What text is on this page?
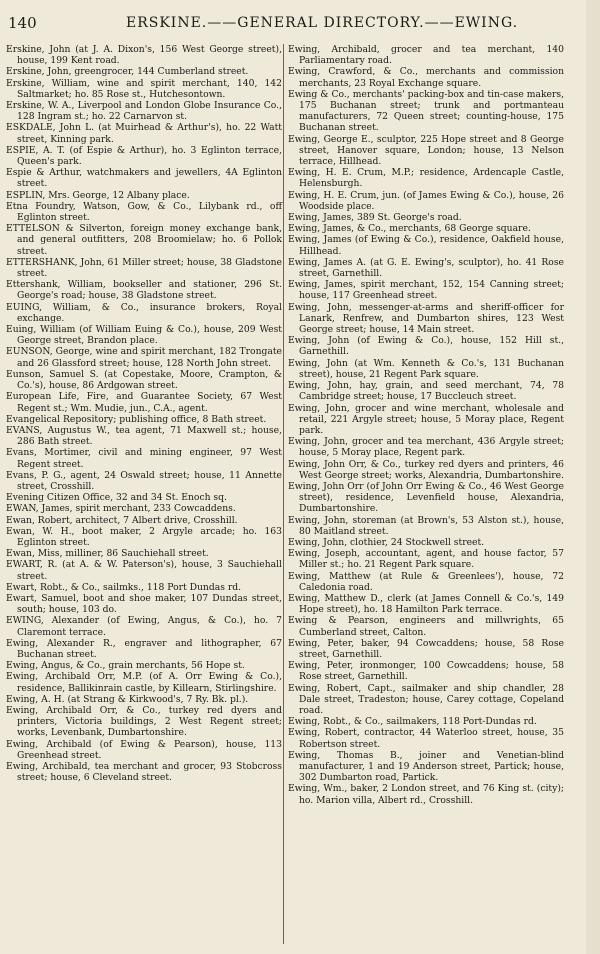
140	ERSKINE.——GENERAL DIRECTORY.——EWING.

Erskine, John (at J. A. Dixon's, 156 West George street), house, 199 Kent road.

Erskine, John, greengrocer, 144 Cumberland street.

Erskine, William, wine and spirit merchant, 140, 142 Saltmarket; ho. 85 Rose st., Hutchesontown.

Erskine, W. A., Liverpool and London Globe Insurance Co., 128 Ingram st.; ho. 22 Carnarvon st.

ESKDALE, John L. (at Muirhead & Arthur's), ho. 22 Watt street, Kinning park.

ESPIE, A. T. (of Espie & Arthur), ho. 3 Eglinton terrace, Queen's park.

Espie & Arthur, watchmakers and jewellers, 4A Eglinton street.

ESPLIN, Mrs. George, 12 Albany place.

Etna Foundry, Watson, Gow, & Co., Lilybank rd., off Eglinton street.

ETTELSON & Silverton, foreign money exchange bank, and general outfitters, 208 Broomielaw; ho. 6 Pollok street.

ETTERSHANK, John, 61 Miller street; house, 38 Gladstone street.

Ettershank, William, bookseller and stationer, 296 St. George's road; house, 38 Gladstone street.

EUING, William, & Co., insurance brokers, Royal exchange.

Euing, William (of William Euing & Co.), house, 209 West George street, Brandon place.

EUNSON, George, wine and spirit merchant, 182 Trongate and 26 Glassford street; house, 128 North John street.

Eunson, Samuel S. (at Copestake, Moore, Crampton, & Co.'s), house, 86 Ardgowan street.

European Life, Fire, and Guarantee Society, 67 West Regent st.; Wm. Mudie, jun., C.A., agent.

Evangelical Repository; publishing office, 8 Bath street.

EVANS, Augustus W., tea agent, 71 Maxwell st.; house, 286 Bath street.

Evans, Mortimer, civil and mining engineer, 97 West Regent street.

Evans, P. G., agent, 24 Oswald street; house, 11 Annette street, Crosshill.

Evening Citizen Office, 32 and 34 St. Enoch sq.

EWAN, James, spirit merchant, 233 Cowcaddens.

Ewan, Robert, architect, 7 Albert drive, Crosshill.

Ewan, W. H., boot maker, 2 Argyle arcade; ho. 163 Eglinton street.

Ewan, Miss, milliner, 86 Sauchiehall street.

EWART, R. (at A. & W. Paterson's), house, 3 Sauchiehall street.

Ewart, Robt., & Co., sailmks., 118 Port Dundas rd.

Ewart, Samuel, boot and shoe maker, 107 Dundas street, south; house, 103 do.

EWING, Alexander (of Ewing, Angus, & Co.), ho. 7 Claremont terrace.

Ewing, Alexander R., engraver and lithographer, 67 Buchanan street.

Ewing, Angus, & Co., grain merchants, 56 Hope st.

Ewing, Archibald Orr, M.P. (of A. Orr Ewing & Co.), residence, Ballikinrain castle, by Killearn, Stirlingshire.

Ewing, A. H. (at Strang & Kirkwood's, 7 Ry. Bk. pl.).

Ewing, Archibald Orr, & Co., turkey red dyers and printers, Victoria buildings, 2 West Regent street; works, Levenbank, Dumbartonshire.

Ewing, Archibald (of Ewing & Pearson), house, 113 Greenhead street.

Ewing, Archibald, tea merchant and grocer, 93 Stobcross street; house, 6 Cleveland street.

Ewing, Archibald, grocer and tea merchant, 140 Parliamentary road.

Ewing, Crawford, & Co., merchants and commission merchants, 23 Royal Exchange square.

Ewing & Co., merchants' packing-box and tin-case makers, 175 Buchanan street; trunk and portmanteau manufacturers, 72 Queen street; counting-house, 175 Buchanan street.

Ewing, George E., sculptor, 225 Hope street and 8 George street, Hanover square, London; house, 13 Nelson terrace, Hillhead.

Ewing, H. E. Crum, M.P.; residence, Ardencaple Castle, Helensburgh.

Ewing, H. E. Crum, jun. (of James Ewing & Co.), house, 26 Woodside place.

Ewing, James, 389 St. George's road.

Ewing, James, & Co., merchants, 68 George square.

Ewing, James (of Ewing & Co.), residence, Oakfield house, Hillhead.

Ewing, James A. (at G. E. Ewing's, sculptor), ho. 41 Rose street, Garnethill.

Ewing, James, spirit merchant, 152, 154 Canning street; house, 117 Greenhead street.

Ewing, John, messenger-at-arms and sheriff-officer for Lanark, Renfrew, and Dumbarton shires, 123 West George street; house, 14 Main street.

Ewing, John (of Ewing & Co.), house, 152 Hill st., Garnethill.

Ewing, John (at Wm. Kenneth & Co.'s, 131 Buchanan street), house, 21 Regent Park square.

Ewing, John, hay, grain, and seed merchant, 74, 78 Cambridge street; house, 17 Buccleuch street.

Ewing, John, grocer and wine merchant, wholesale and retail, 221 Argyle street; house, 5 Moray place, Regent park.

Ewing, John, grocer and tea merchant, 436 Argyle street; house, 5 Moray place, Regent park.

Ewing, John Orr, & Co., turkey red dyers and printers, 46 West George street; works, Alexandria, Dumbartonshire.

Ewing, John Orr (of John Orr Ewing & Co., 46 West George street), residence, Levenfield house, Alexandria, Dumbartonshire.

Ewing, John, storeman (at Brown's, 53 Alston st.), house, 80 Maitland street.

Ewing, John, clothier, 24 Stockwell street.

Ewing, Joseph, accountant, agent, and house factor, 57 Miller st.; ho. 21 Regent Park square.

Ewing, Matthew (at Rule & Greenlees'), house, 72 Caledonia road.

Ewing, Matthew D., clerk (at James Connell & Co.'s, 149 Hope street), ho. 18 Hamilton Park terrace.

Ewing & Pearson, engineers and millwrights, 65 Cumberland street, Calton.

Ewing, Peter, baker, 94 Cowcaddens; house, 58 Rose street, Garnethill.

Ewing, Peter, ironmonger, 100 Cowcaddens; house, 58 Rose street, Garnethill.

Ewing, Robert, Capt., sailmaker and ship chandler, 28 Dale street, Tradeston; house, Carey cottage, Copeland road.

Ewing, Robt., & Co., sailmakers, 118 Port-Dundas rd.

Ewing, Robert, contractor, 44 Waterloo street, house, 35 Robertson street.

Ewing, Thomas B., joiner and Venetian-blind manufacturer, 1 and 19 Anderson street, Partick; house, 302 Dumbarton road, Partick.

Ewing, Wm., baker, 2 London street, and 76 King st. (city); ho. Marion villa, Albert rd., Crosshill.
